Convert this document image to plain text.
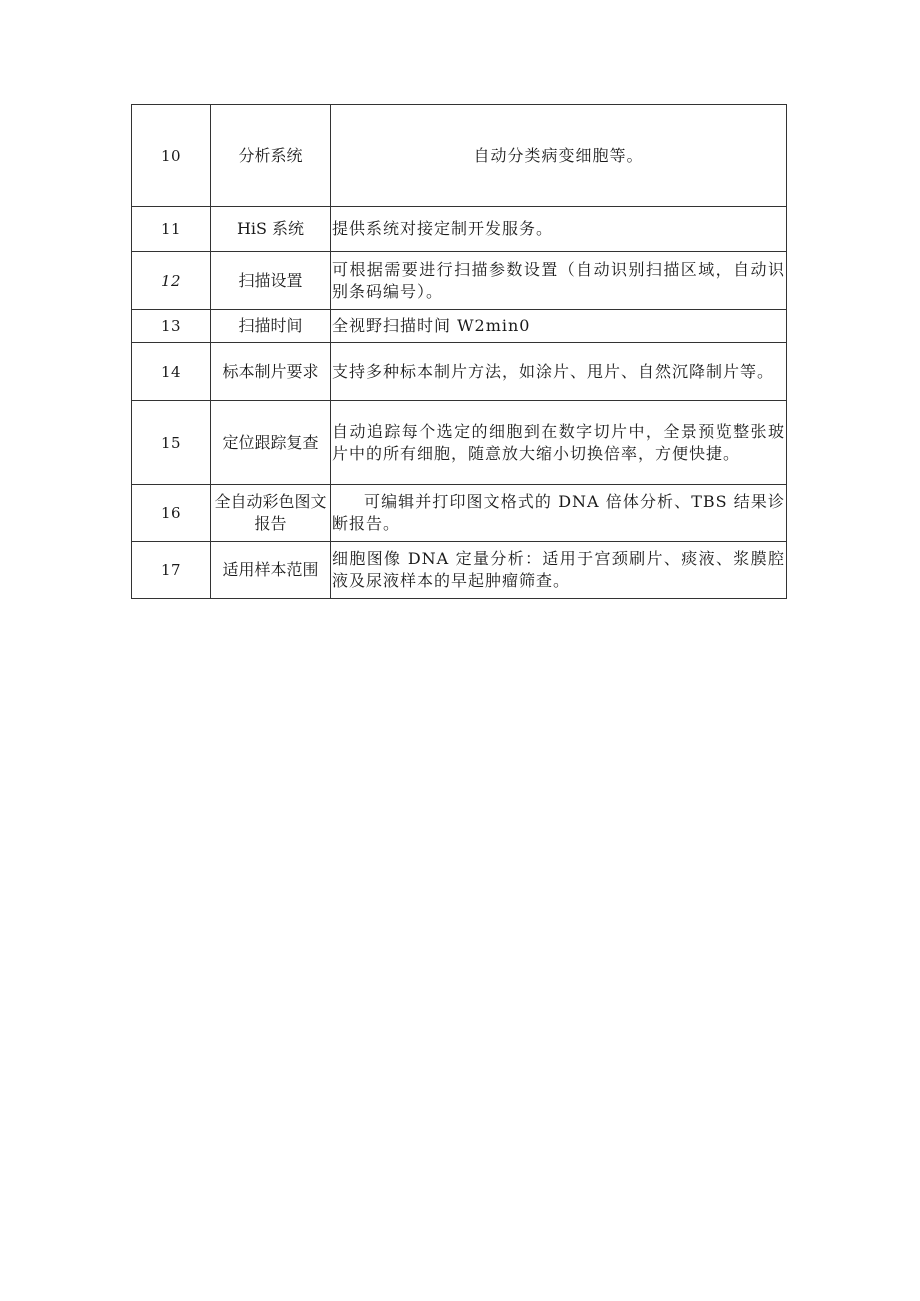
10	分析系统	自动分类病变细胞等。
11	HiS 系统	提供系统对接定制开发服务。
12	扫描设置	可根据需要进行扫描参数设置（自动识别扫描区域，自动识别条码编号）。
13	扫描时间	全视野扫描时间 W2min0
14	标本制片要求	支持多种标本制片方法，如涂片、甩片、自然沉降制片等。
15	定位跟踪复查	自动追踪每个选定的细胞到在数字切片中，全景预览整张玻片中的所有细胞，随意放大缩小切换倍率，方便快捷。
16	全自动彩色图文报告	可编辑并打印图文格式的 DNA 倍体分析、TBS 结果诊断报告。
17	适用样本范围	细胞图像 DNA 定量分析：适用于宫颈刷片、痰液、浆膜腔液及尿液样本的早起肿瘤筛查。
